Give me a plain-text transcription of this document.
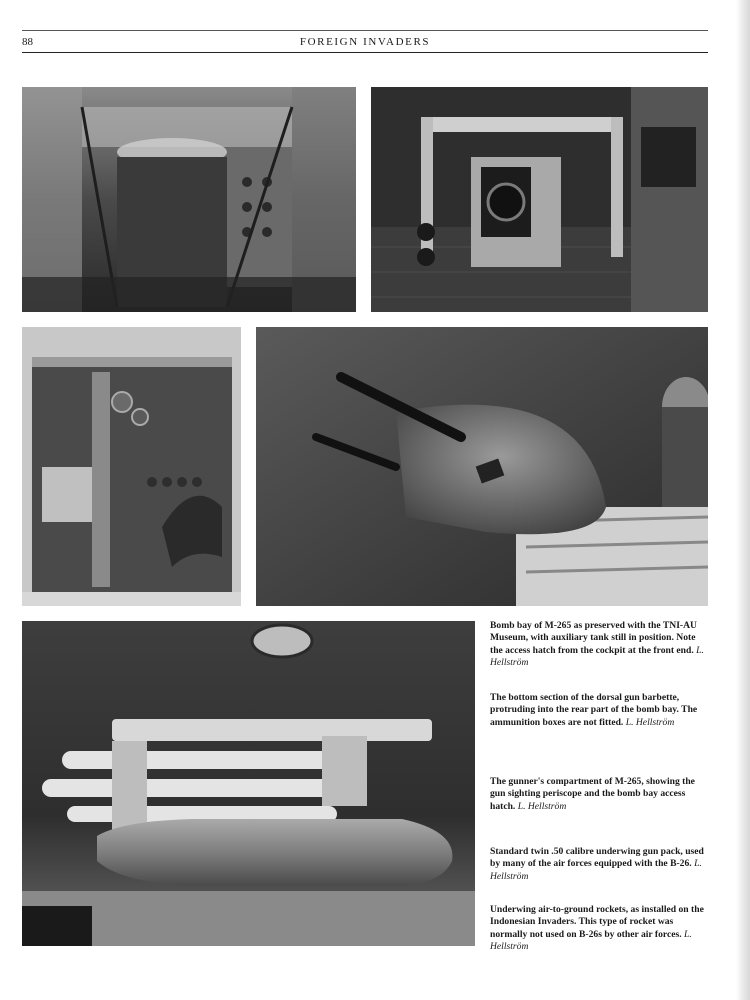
88	FOREIGN INVADERS

Bomb bay of M-265 as preserved with the TNI-AU Museum, with auxiliary tank still in position. Note the access hatch from the cockpit at the front end. L. Hellström

The bottom section of the dorsal gun barbette, protruding into the rear part of the bomb bay. The ammunition boxes are not fitted. L. Hellström

The gunner's compartment of M-265, showing the gun sighting periscope and the bomb bay access hatch. L. Hellström

Standard twin .50 calibre underwing gun pack, used by many of the air forces equipped with the B-26. L. Hellström

Underwing air-to-ground rockets, as installed on the Indonesian Invaders. This type of rocket was normally not used on B-26s by other air forces. L. Hellström
